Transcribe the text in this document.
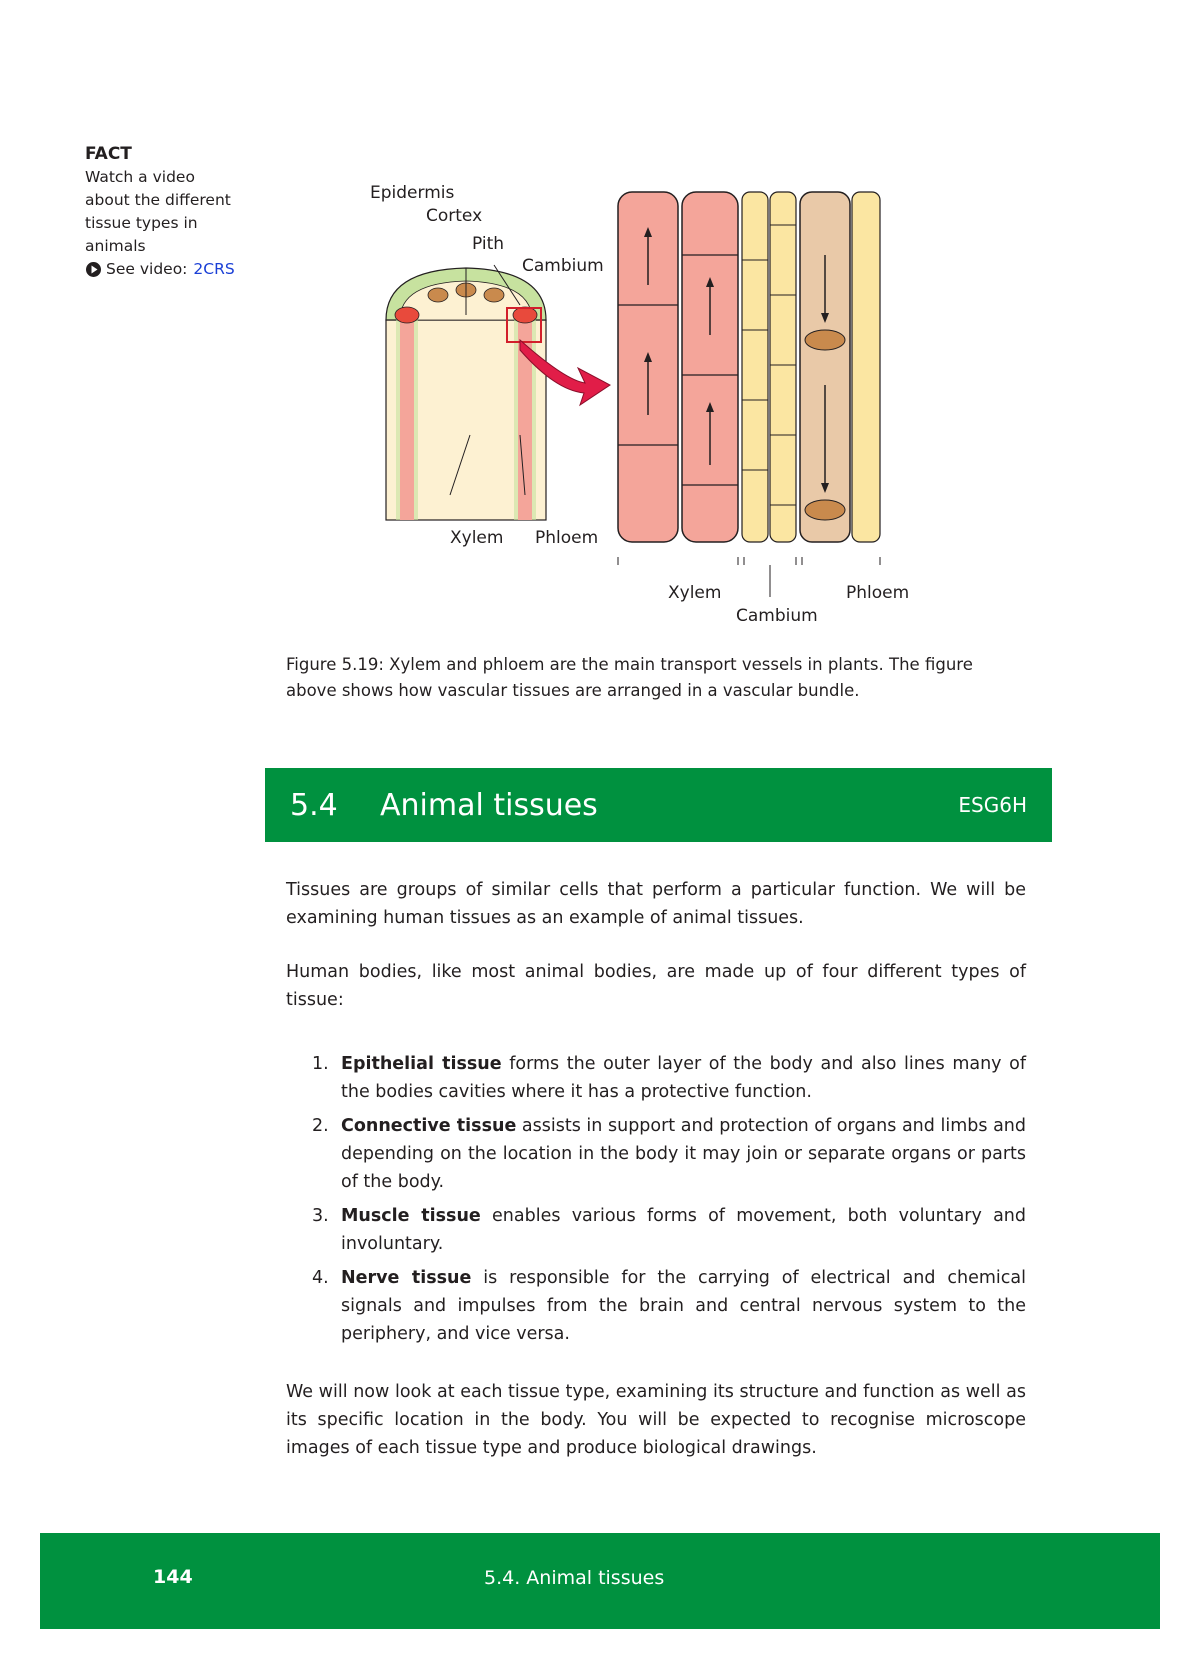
FACT
Watch a video
about the different
tissue types in
animals
See video: 2CRS
Epidermis
Cortex
Pith
Cambium
Xylem Phloem
Xylem
Cambium
Phloem
Figure 5.19: Xylem and phloem are the main transport vessels in plants. The figure above shows how vascular tissues are arranged in a vascular bundle.
5.4	Animal tissues	ESG6H
Tissues are groups of similar cells that perform a particular function. We will be examining human tissues as an example of animal tissues.
Human bodies, like most animal bodies, are made up of four different types of tissue:
1. Epithelial tissue forms the outer layer of the body and also lines many of the bodies cavities where it has a protective function.
2. Connective tissue assists in support and protection of organs and limbs and depending on the location in the body it may join or separate organs or parts of the body.
3. Muscle tissue enables various forms of movement, both voluntary and involuntary.
4. Nerve tissue is responsible for the carrying of electrical and chemical signals and impulses from the brain and central nervous system to the periphery, and vice versa.
We will now look at each tissue type, examining its structure and function as well as its specific location in the body. You will be expected to recognise microscope images of each tissue type and produce biological drawings.
144	5.4. Animal tissues
